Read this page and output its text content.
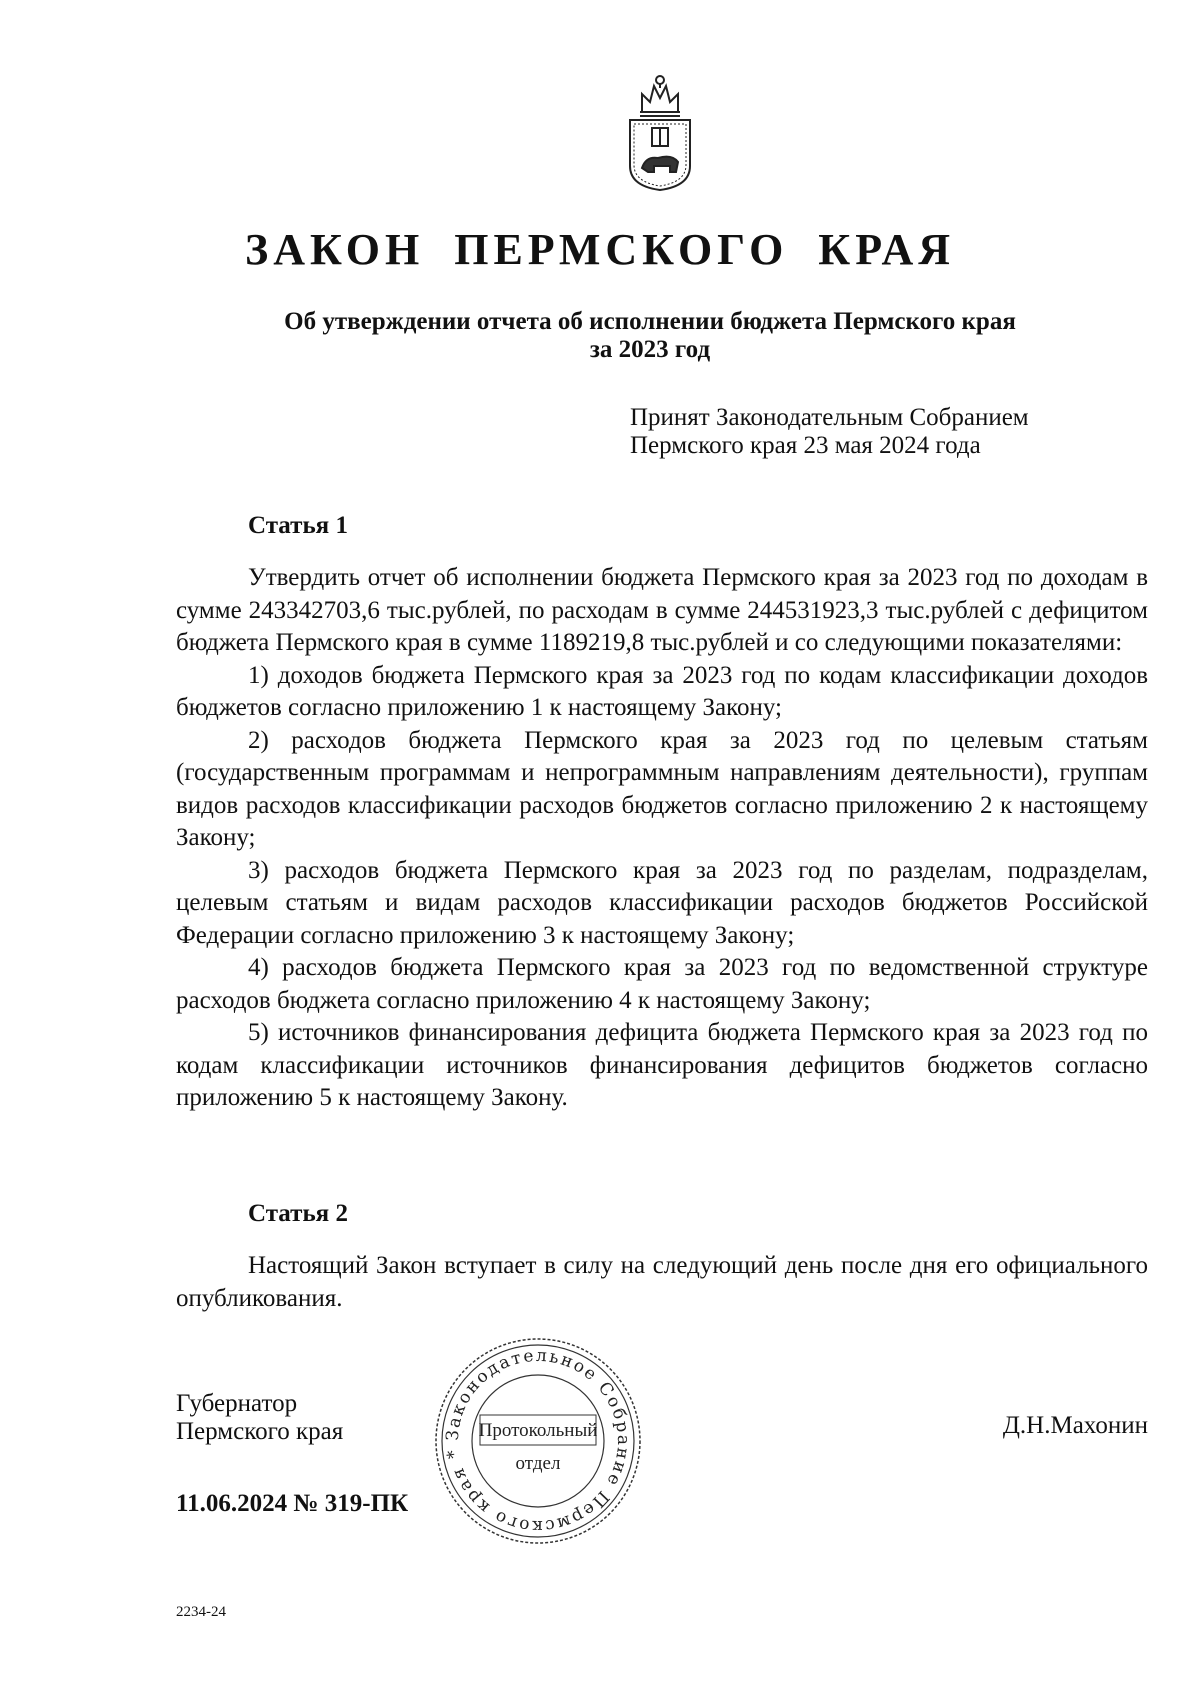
ЗАКОН ПЕРМСКОГО КРАЯ
Об утверждении отчета об исполнении бюджета Пермского края
за 2023 год
Принят Законодательным Собранием
Пермского края 23 мая 2024 года
Статья 1

Утвердить отчет об исполнении бюджета Пермского края за 2023 год по доходам в сумме 243342703,6 тыс.рублей, по расходам в сумме 244531923,3 тыс.рублей с дефицитом бюджета Пермского края в сумме 1189219,8 тыс.рублей и со следующими показателями:

1) доходов бюджета Пермского края за 2023 год по кодам классификации доходов бюджетов согласно приложению 1 к настоящему Закону;

2) расходов бюджета Пермского края за 2023 год по целевым статьям (государственным программам и непрограммным направлениям деятельности), группам видов расходов классификации расходов бюджетов согласно приложению 2 к настоящему Закону;

3) расходов бюджета Пермского края за 2023 год по разделам, подразделам, целевым статьям и видам расходов классификации расходов бюджетов Российской Федерации согласно приложению 3 к настоящему Закону;

4) расходов бюджета Пермского края за 2023 год по ведомственной структуре расходов бюджета согласно приложению 4 к настоящему Закону;

5) источников финансирования дефицита бюджета Пермского края за 2023 год по кодам классификации источников финансирования дефицитов бюджетов согласно приложению 5 к настоящему Закону.

Статья 2

Настоящий Закон вступает в силу на следующий день после дня его официального опубликования.

Губернатор
Пермского края	Д.Н.Махонин
11.06.2024 № 319-ПК
Законодательное Собрание Пермского края *
Протокольный
отдел
2234-24
